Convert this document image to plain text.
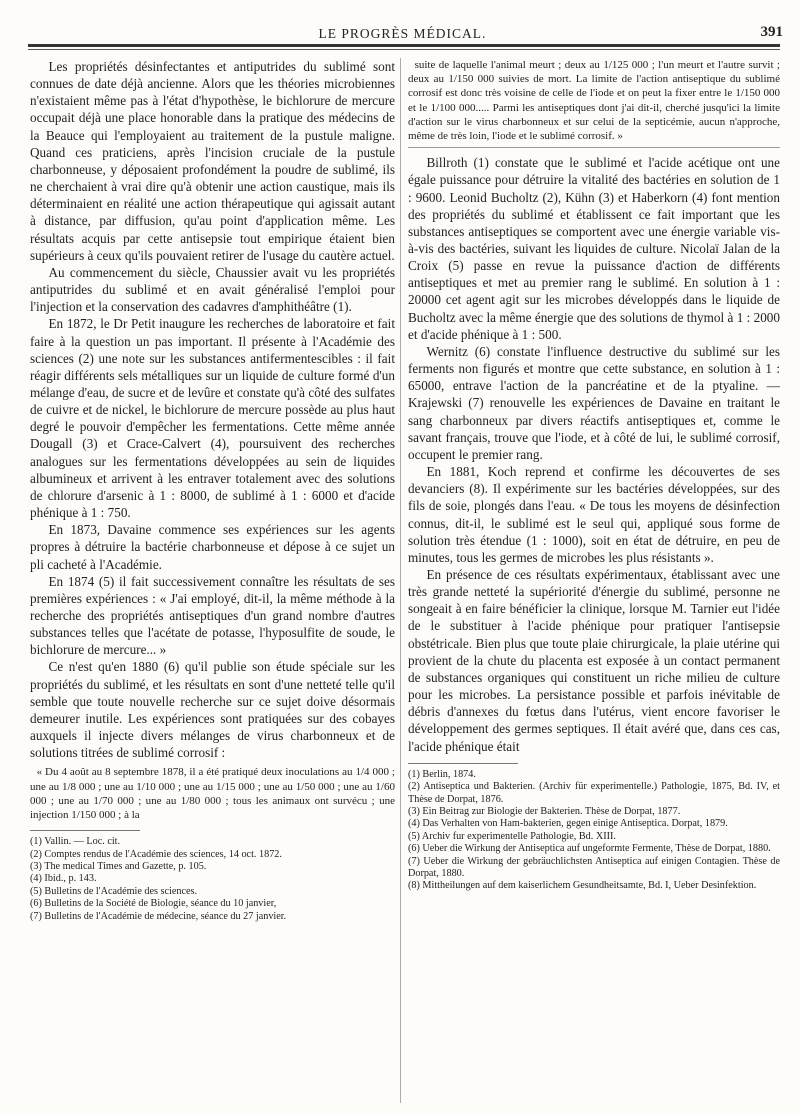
LE PROGRÈS MÉDICAL.	391

Les propriétés désinfectantes et antiputrides du sublimé sont connues de date déjà ancienne. Alors que les théories microbiennes n'existaient même pas à l'état d'hypothèse, le bichlorure de mercure occupait déjà une place honorable dans la pratique des médecins de la Beauce qui l'employaient au traitement de la pustule maligne. Quand ces praticiens, après l'incision cruciale de la pustule charbonneuse, y déposaient profondément la poudre de sublimé, ils ne cherchaient à vrai dire qu'à obtenir une action caustique, mais ils déterminaient en réalité une action thérapeutique qui agissait autant à distance, par diffusion, qu'au point d'application même. Les résultats acquis par cette antisepsie tout empirique étaient bien supérieurs à ceux qu'ils pouvaient retirer de l'usage du cautère actuel.

Au commencement du siècle, Chaussier avait vu les propriétés antiputrides du sublimé et en avait généralisé l'emploi pour l'injection et la conservation des cadavres d'amphithéâtre (1).

En 1872, le Dr Petit inaugure les recherches de laboratoire et fait faire à la question un pas important. Il présente à l'Académie des sciences (2) une note sur les substances antifermentescibles : il fait réagir différents sels métalliques sur un liquide de culture formé d'un mélange d'eau, de sucre et de levûre et constate qu'à côté des sulfates de cuivre et de nickel, le bichlorure de mercure possède au plus haut degré le pouvoir d'empêcher les fermentations. Cette même année Dougall (3) et Crace-Calvert (4), poursuivent des recherches analogues sur les fermentations développées au sein de liquides albumineux et arrivent à les entraver totalement avec des solutions de chlorure d'arsenic à 1 : 8000, de sublimé à 1 : 6000 et d'acide phénique à 1 : 750.

En 1873, Davaine commence ses expériences sur les agents propres à détruire la bactérie charbonneuse et dépose à ce sujet un pli cacheté à l'Académie.

En 1874 (5) il fait successivement connaître les résultats de ses premières expériences : « J'ai employé, dit-il, la même méthode à la recherche des propriétés antiseptiques d'un grand nombre d'autres substances telles que l'acétate de potasse, l'hyposulfite de soude, le bichlorure de mercure... »

Ce n'est qu'en 1880 (6) qu'il publie son étude spéciale sur les propriétés du sublimé, et les résultats en sont d'une netteté telle qu'il semble que toute nouvelle recherche sur ce sujet doive désormais demeurer inutile. Les expériences sont pratiquées sur des cobayes auxquels il injecte divers mélanges de virus charbonneux et de solutions titrées de sublimé corrosif :

« Du 4 août au 8 septembre 1878, il a été pratiqué deux inoculations au 1/4 000 ; une au 1/8 000 ; une au 1/10 000 ; une au 1/15 000 ; une au 1/50 000 ; une au 1/60 000 ; une au 1/70 000 ; une au 1/80 000 ; tous les animaux ont survécu ; une injection 1/150 000 ; à la

(1) Vallin. — Loc. cit.

(2) Comptes rendus de l'Académie des sciences, 14 oct. 1872.

(3) The medical Times and Gazette, p. 105.

(4) Ibid., p. 143.

(5) Bulletins de l'Académie des sciences.

(6) Bulletins de la Société de Biologie, séance du 10 janvier,

(7) Bulletins de l'Académie de médecine, séance du 27 janvier.

suite de laquelle l'animal meurt ; deux au 1/125 000 ; l'un meurt et l'autre survit ; deux au 1/150 000 suivies de mort. La limite de l'action antiseptique du sublimé corrosif est donc très voisine de celle de l'iode et on peut la fixer entre le 1/150 000 et le 1/100 000..... Parmi les antiseptiques dont j'ai dit-il, cherché jusqu'ici la limite d'action sur le virus charbonneux et sur celui de la septicémie, aucun n'approche, même de très loin, l'iode et le sublimé corrosif. »

Billroth (1) constate que le sublimé et l'acide acétique ont une égale puissance pour détruire la vitalité des bactéries en solution de 1 : 9600. Leonid Bucholtz (2), Kühn (3) et Haberkorn (4) font mention des propriétés du sublimé et établissent ce fait important que les substances antiseptiques se comportent avec une énergie variable vis-à-vis des bactéries, suivant les liquides de culture. Nicolaï Jalan de la Croix (5) passe en revue la puissance d'action de différents antiseptiques et met au premier rang le sublimé. En solution à 1 : 20000 cet agent agit sur les microbes développés dans le liquide de Bucholtz avec la même énergie que des solutions de thymol à 1 : 2000 et d'acide phénique à 1 : 500.

Wernitz (6) constate l'influence destructive du sublimé sur les ferments non figurés et montre que cette substance, en solution à 1 : 65000, entrave l'action de la pancréatine et de la ptyaline. — Krajewski (7) renouvelle les expériences de Davaine en traitant le sang charbonneux par divers réactifs antiseptiques et, comme le savant français, trouve que l'iode, et à côté de lui, le sublimé corrosif, occupent le premier rang.

En 1881, Koch reprend et confirme les découvertes de ses devanciers (8). Il expérimente sur les bactéries développées, sur des fils de soie, plongés dans l'eau. « De tous les moyens de désinfection connus, dit-il, le sublimé est le seul qui, appliqué sous forme de solution très étendue (1 : 1000), soit en état de détruire, en peu de minutes, tous les germes de microbes les plus résistants ».

En présence de ces résultats expérimentaux, établissant avec une très grande netteté la supériorité d'énergie du sublimé, personne ne songeait à en faire bénéficier la clinique, lorsque M. Tarnier eut l'idée de le substituer à l'acide phénique pour pratiquer l'antisepsie obstétricale. Bien plus que toute plaie chirurgicale, la plaie utérine qui provient de la chute du placenta est exposée à un contact permanent de substances organiques qui constituent un riche milieu de culture pour les microbes. La persistance possible et parfois inévitable de débris d'annexes du fœtus dans l'utérus, vient encore favoriser le développement des germes septiques. Il était avéré que, dans ces cas, l'acide phénique était

(1) Berlin, 1874.

(2) Antiseptica und Bakterien. (Archiv für experimentelle.) Pathologie, 1875, Bd. IV, et Thèse de Dorpat, 1876.

(3) Ein Beitrag zur Biologie der Bakterien. Thèse de Dorpat, 1877.

(4) Das Verhalten von Ham-bakterien, gegen einige Antiseptica. Dorpat, 1879.

(5) Archiv fur experimentelle Pathologie, Bd. XIII.

(6) Ueber die Wirkung der Antiseptica auf ungeformte Fermente, Thèse de Dorpat, 1880.

(7) Ueber die Wirkung der gebräuchlichsten Antiseptica auf einigen Contagien. Thèse de Dorpat, 1880.

(8) Mittheilungen auf dem kaiserlichem Gesundheitsamte, Bd. I, Ueber Desinfektion.
